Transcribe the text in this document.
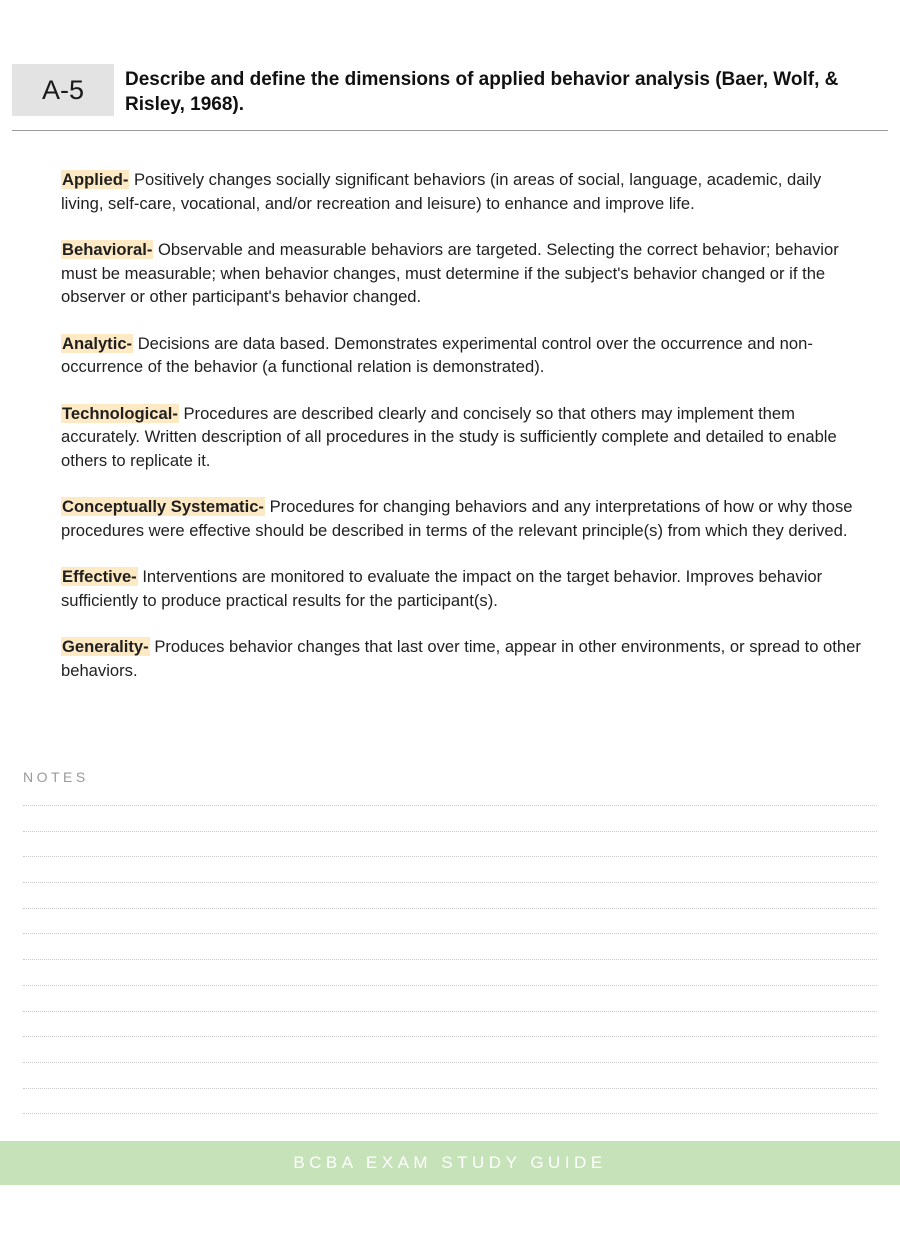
A-5	Describe and define the dimensions of applied behavior analysis (Baer, Wolf, & Risley, 1968).

Applied- Positively changes socially significant behaviors (in areas of social, language, academic, daily living, self-care, vocational, and/or recreation and leisure) to enhance and improve life.

Behavioral- Observable and measurable behaviors are targeted. Selecting the correct behavior; behavior must be measurable; when behavior changes, must determine if the subject's behavior changed or if the observer or other participant's behavior changed.

Analytic- Decisions are data based. Demonstrates experimental control over the occurrence and non-occurrence of the behavior (a functional relation is demonstrated).

Technological- Procedures are described clearly and concisely so that others may implement them accurately. Written description of all procedures in the study is sufficiently complete and detailed to enable others to replicate it.

Conceptually Systematic- Procedures for changing behaviors and any interpretations of how or why those procedures were effective should be described in terms of the relevant principle(s) from which they derived.

Effective- Interventions are monitored to evaluate the impact on the target behavior. Improves behavior sufficiently to produce practical results for the participant(s).

Generality- Produces behavior changes that last over time, appear in other environments, or spread to other behaviors.

NOTES
BCBA EXAM STUDY GUIDE
